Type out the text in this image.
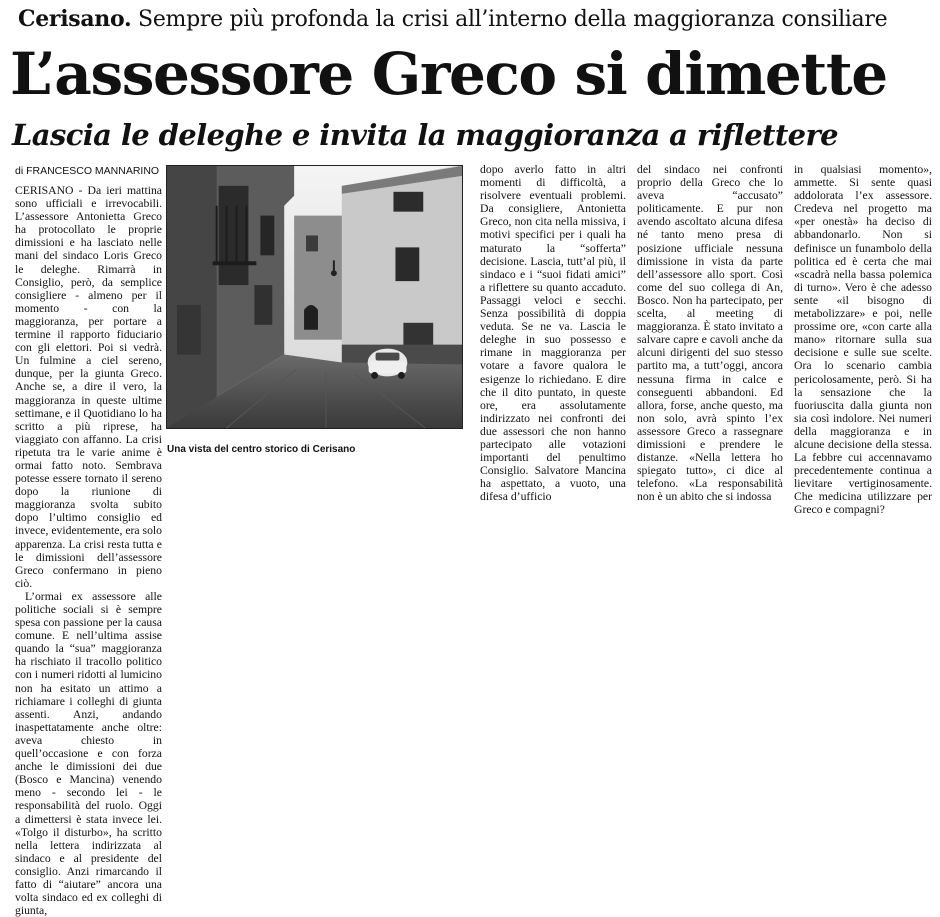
Cerisano. Sempre più profonda la crisi all’interno della maggioranza consiliare
L’assessore Greco si dimette
Lascia le deleghe e invita la maggioranza a riflettere
di FRANCESCO MANNARINO

CERISANO - Da ieri mattina sono ufficiali e irrevocabili. L’assessore Antonietta Greco ha protocollato le proprie dimissioni e ha lasciato nelle mani del sindaco Loris Greco le deleghe. Rimarrà in Consiglio, però, da semplice consigliere - almeno per il momento - con la maggioranza, per portare a termine il rapporto fiduciario con gli elettori. Poi si vedrà. Un fulmine a ciel sereno, dunque, per la giunta Greco. Anche se, a dire il vero, la maggioranza in queste ultime settimane, e il Quotidiano lo ha scritto a più riprese, ha viaggiato con affanno. La crisi ripetuta tra le varie anime è ormai fatto noto. Sembrava potesse essere tornato il sereno dopo la riunione di maggioranza svolta subito dopo l’ultimo consiglio ed invece, evidentemente, era solo apparenza. La crisi resta tutta e le dimissioni dell’assessore Greco confermano in pieno ciò.

L’ormai ex assessore alle politiche sociali si è sempre spesa con passione per la causa comune. E nell’ultima assise quando la “sua” maggioranza ha rischiato il tracollo politico con i numeri ridotti al lumicino non ha esitato un attimo a richiamare i colleghi di giunta assenti. Anzi, andando inaspettatamente anche oltre: aveva chiesto in quell’occasione e con forza anche le dimissioni dei due (Bosco e Mancina) venendo meno - secondo lei - le responsabilità del ruolo. Oggi a dimettersi è stata invece lei. «Tolgo il disturbo», ha scritto nella lettera indirizzata al sindaco e al presidente del consiglio. Anzi rimarcando il fatto di “aiutare” ancora una volta sindaco ed ex colleghi di giunta,

Una vista del centro storico di Cerisano

dopo averlo fatto in altri momenti di difficoltà, a risolvere eventuali problemi. Da consigliere, Antonietta Greco, non cita nella missiva, i motivi specifici per i quali ha maturato la “sofferta” decisione. Lascia, tutt’al più, il sindaco e i “suoi fidati amici” a riflettere su quanto accaduto. Passaggi veloci e secchi. Senza possibilità di doppia veduta. Se ne va. Lascia le deleghe in suo possesso e rimane in maggioranza per votare a favore qualora le esigenze lo richiedano. E dire che il dito puntato, in queste ore, era assolutamente indirizzato nei confronti dei due assessori che non hanno partecipato alle votazioni importanti del penultimo Consiglio. Salvatore Mancina ha aspettato, a vuoto, una difesa d’ufficio

del sindaco nei confronti proprio della Greco che lo aveva “accusato” politicamente. E pur non avendo ascoltato alcuna difesa né tanto meno presa di posizione ufficiale nessuna dimissione in vista da parte dell’assessore allo sport. Così come del suo collega di An, Bosco. Non ha partecipato, per scelta, al meeting di maggioranza. È stato invitato a salvare capre e cavoli anche da alcuni dirigenti del suo stesso partito ma, a tutt’oggi, ancora nessuna firma in calce e conseguenti abbandoni. Ed allora, forse, anche questo, ma non solo, avrà spinto l’ex assessore Greco a rassegnare dimissioni e prendere le distanze. «Nella lettera ho spiegato tutto», ci dice al telefono. «La responsabilità non è un abito che si indossa

in qualsiasi momento», ammette. Si sente quasi addolorata l’ex assessore. Credeva nel progetto ma «per onestà» ha deciso di abbandonarlo. Non si definisce un funambolo della politica ed è certa che mai «scadrà nella bassa polemica di turno». Vero è che adesso sente «il bisogno di metabolizzare» e poi, nelle prossime ore, «con carte alla mano» ritornare sulla sua decisione e sulle sue scelte. Ora lo scenario cambia pericolosamente, però. Si ha la sensazione che la fuoriuscita dalla giunta non sia così indolore. Nei numeri della maggioranza e in alcune decisione della stessa. La febbre cui accennavamo precedentemente continua a lievitare vertiginosamente. Che medicina utilizzare per Greco e compagni?
